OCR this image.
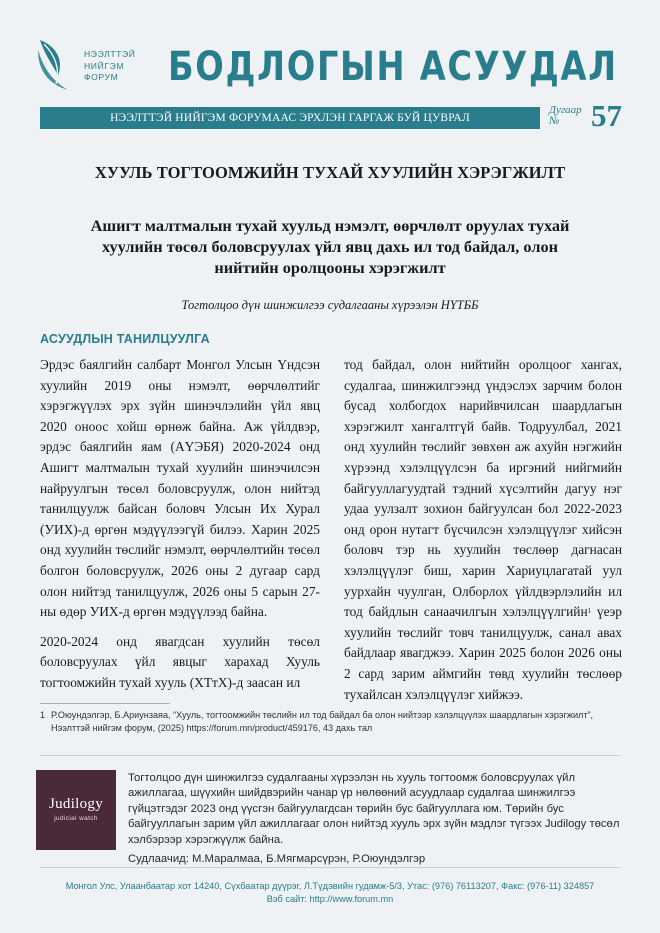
НЭЭЛТТЭЙ
НИЙГЭМ
ФОРУМ	БОДЛОГЫН АСУУДАЛ
НЭЭЛТТЭЙ НИЙГЭМ ФОРУМААС ЭРХЛЭН ГАРГАЖ БУЙ ЦУВРАЛ
Дугаар
№	57
ХУУЛЬ ТОГТООМЖИЙН ТУХАЙ ХУУЛИЙН ХЭРЭГЖИЛТ
Ашигт малтмалын тухай хуульд нэмэлт, өөрчлөлт оруулах тухай хуулийн төсөл боловсруулах үйл явц дахь ил тод байдал, олон нийтийн оролцооны хэрэгжилт
Тогтолцоо дүн шинжилгээ судалгааны хүрээлэн НҮТББ
АСУУДЛЫН ТАНИЛЦУУЛГА

Эрдэс баялгийн салбарт Монгол Улсын Үндсэн хуулийн 2019 оны нэмэлт, өөрчлөлтийг хэрэгжүүлэх эрх зүйн шинэчлэлийн үйл явц 2020 оноос хойш өрнөж байна. Аж үйлдвэр, эрдэс баялгийн яам (АҮЭБЯ) 2020-2024 онд Ашигт малтмалын тухай хуулийн шинэчилсэн найруулгын төсөл боловсруулж, олон нийтэд танилцуулж байсан боловч Улсын Их Хурал (УИХ)-д өргөн мэдүүлээгүй билээ. Харин 2025 онд хуулийн төслийг нэмэлт, өөрчлөлтийн төсөл болгон боловсруулж, 2026 оны 2 дугаар сард олон нийтэд танилцуулж, 2026 оны 5 сарын 27-ны өдөр УИХ-д өргөн мэдүүлээд байна.

2020-2024 онд явагдсан хуулийн төсөл боловсруулах үйл явцыг харахад Хууль тогтоомжийн тухай хууль (ХТтХ)-д заасан ил

тод байдал, олон нийтийн оролцоог хангах, судалгаа, шинжилгээнд үндэслэх зарчим болон бусад холбогдох нарийвчилсан шаардлагын хэрэгжилт хангалтгүй байв. Тодруулбал, 2021 онд хуулийн төслийг зөвхөн аж ахуйн нэгжийн хүрээнд хэлэлцүүлсэн ба иргэний нийгмийн байгууллагуудтай тэдний хүсэлтийн дагуу нэг удаа уулзалт зохион байгуулсан бол 2022-2023 онд орон нутагт бүсчилсэн хэлэлцүүлэг хийсэн боловч тэр нь хуулийн төслөөр дагнасан хэлэлцүүлэг биш, харин Хариуцлагатай уул уурхайн чуулган, Олборлох үйлдвэрлэлийн ил тод байдлын санаачилгын хэлэлцүүлгийн$^1$ үеэр хуулийн төслийг товч танилцуулж, санал авах байдлаар явагджээ. Харин 2025 болон 2026 оны 2 сард зарим аймгийн төвд хуулийн төслөөр тухайлсан хэлэлцүүлэг хийжээ.

1 Р.Оюундэлгэр, Б.Ариунзаяа, “Хууль, тогтоомжийн төслийн ил тод байдал ба олон нийтээр хэлэлцүүлэх шаардлагын хэрэгжилт”, Нээлттэй нийгэм форум, (2025) https://forum.mn/product/459176, 43 дахь тал
Judilogy
judicial watch

Тогтолцоо дүн шинжилгээ судалгааны хүрээлэн нь хууль тогтоомж боловсруулах үйл ажиллагаа, шүүхийн шийдвэрийн чанар үр нөлөөний асуудлаар судалгаа шинжилгээ гүйцэтгэдэг 2023 онд үүсгэн байгуулагдсан төрийн бус байгууллага юм. Төрийн бус байгууллагын зарим үйл ажиллагааг олон нийтэд хууль эрх зүйн мэдлэг түгээх Judilogy төсөл хэлбэрээр хэрэгжүүлж байна.

Судлаачид: М.Маралмаа, Б.Мягмарсүрэн, Р.Оюундэлгэр

Монгол Улс, Улаанбаатар хот 14240, Сүхбаатар дүүрэг, Л.Түдэвийн гудамж-5/3, Утас: (976) 76113207, Факс: (976-11) 324857
Вэб сайт: http://www.forum.mn
